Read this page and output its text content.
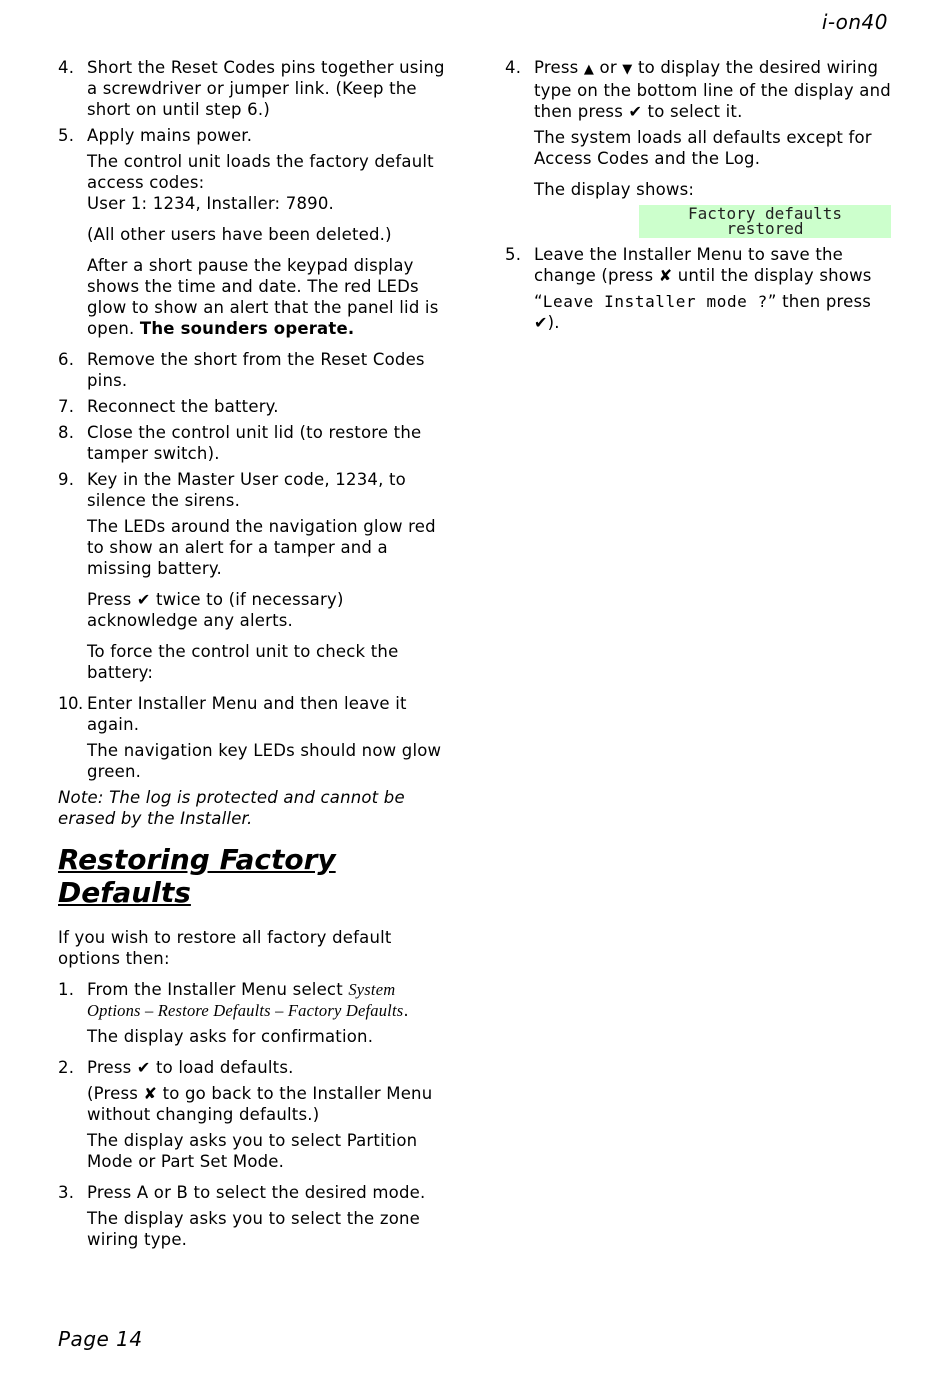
i-on40
4. Short the Reset Codes pins together using a screwdriver or jumper link. (Keep the short on until step 6.)
5. Apply mains power.
The control unit loads the factory default access codes:
User 1: 1234, Installer: 7890.
(All other users have been deleted.)
After a short pause the keypad display shows the time and date. The red LEDs glow to show an alert that the panel lid is open. The sounders operate.
6. Remove the short from the Reset Codes pins.
7. Reconnect the battery.
8. Close the control unit lid (to restore the tamper switch).
9. Key in the Master User code, 1234, to silence the sirens.
The LEDs around the navigation glow red to show an alert for a tamper and a missing battery.
Press ✔ twice to (if necessary) acknowledge any alerts.
To force the control unit to check the battery:
10. Enter Installer Menu and then leave it again.
The navigation key LEDs should now glow green.
Note: The log is protected and cannot be erased by the Installer.
Restoring Factory Defaults
If you wish to restore all factory default options then:
1. From the Installer Menu select System Options – Restore Defaults – Factory Defaults.
The display asks for confirmation.
2. Press ✔ to load defaults.
(Press ✘ to go back to the Installer Menu without changing defaults.)
The display asks you to select Partition Mode or Part Set Mode.
3. Press A or B to select the desired mode.
The display asks you to select the zone wiring type.
4. Press ▲ or ▼ to display the desired wiring type on the bottom line of the display and then press ✔ to select it.
The system loads all defaults except for Access Codes and the Log.
The display shows:
Factory defaults
restored
5. Leave the Installer Menu to save the change (press ✘ until the display shows
“Leave Installer mode ?” then press ✔).
Page 14
